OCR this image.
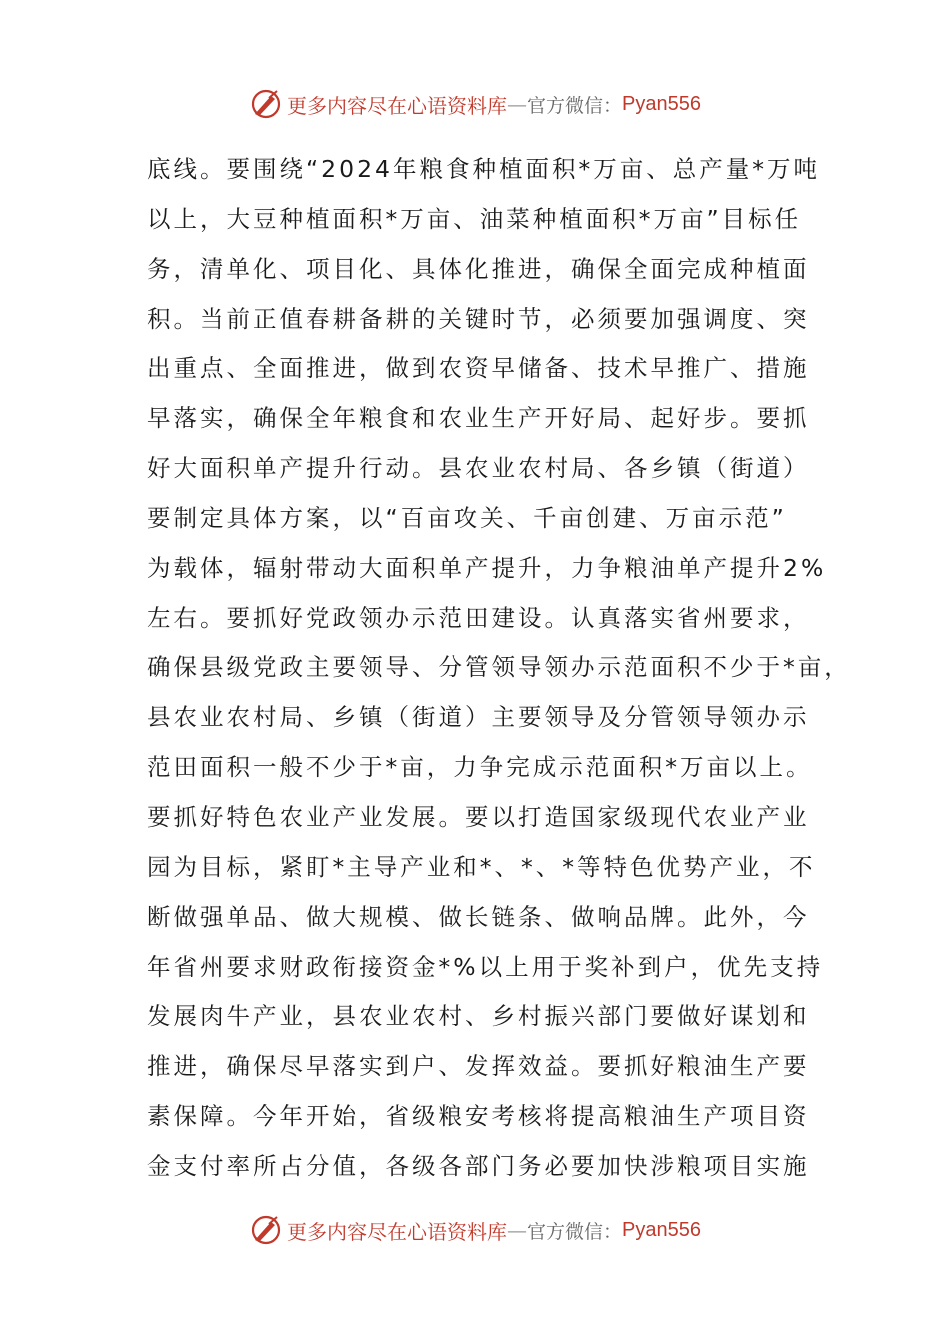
更多内容尽在心语资料库 — 官方微信： Pyan556
底线。要围绕“2024年粮食种植面积*万亩、总产量*万吨
以上，大豆种植面积*万亩、油菜种植面积*万亩”目标任
务，清单化、项目化、具体化推进，确保全面完成种植面
积。当前正值春耕备耕的关键时节，必须要加强调度、突
出重点、全面推进，做到农资早储备、技术早推广、措施
早落实，确保全年粮食和农业生产开好局、起好步。要抓
好大面积单产提升行动。县农业农村局、各乡镇（街道）
要制定具体方案，以“百亩攻关、千亩创建、万亩示范”
为载体，辐射带动大面积单产提升，力争粮油单产提升2%
左右。要抓好党政领办示范田建设。认真落实省州要求，
确保县级党政主要领导、分管领导领办示范面积不少于*亩，
县农业农村局、乡镇（街道）主要领导及分管领导领办示
范田面积一般不少于*亩，力争完成示范面积*万亩以上。
要抓好特色农业产业发展。要以打造国家级现代农业产业
园为目标，紧盯*主导产业和*、*、*等特色优势产业，不
断做强单品、做大规模、做长链条、做响品牌。此外，今
年省州要求财政衔接资金*%以上用于奖补到户，优先支持
发展肉牛产业，县农业农村、乡村振兴部门要做好谋划和
推进，确保尽早落实到户、发挥效益。要抓好粮油生产要
素保障。今年开始，省级粮安考核将提高粮油生产项目资
金支付率所占分值，各级各部门务必要加快涉粮项目实施
更多内容尽在心语资料库 — 官方微信： Pyan556
